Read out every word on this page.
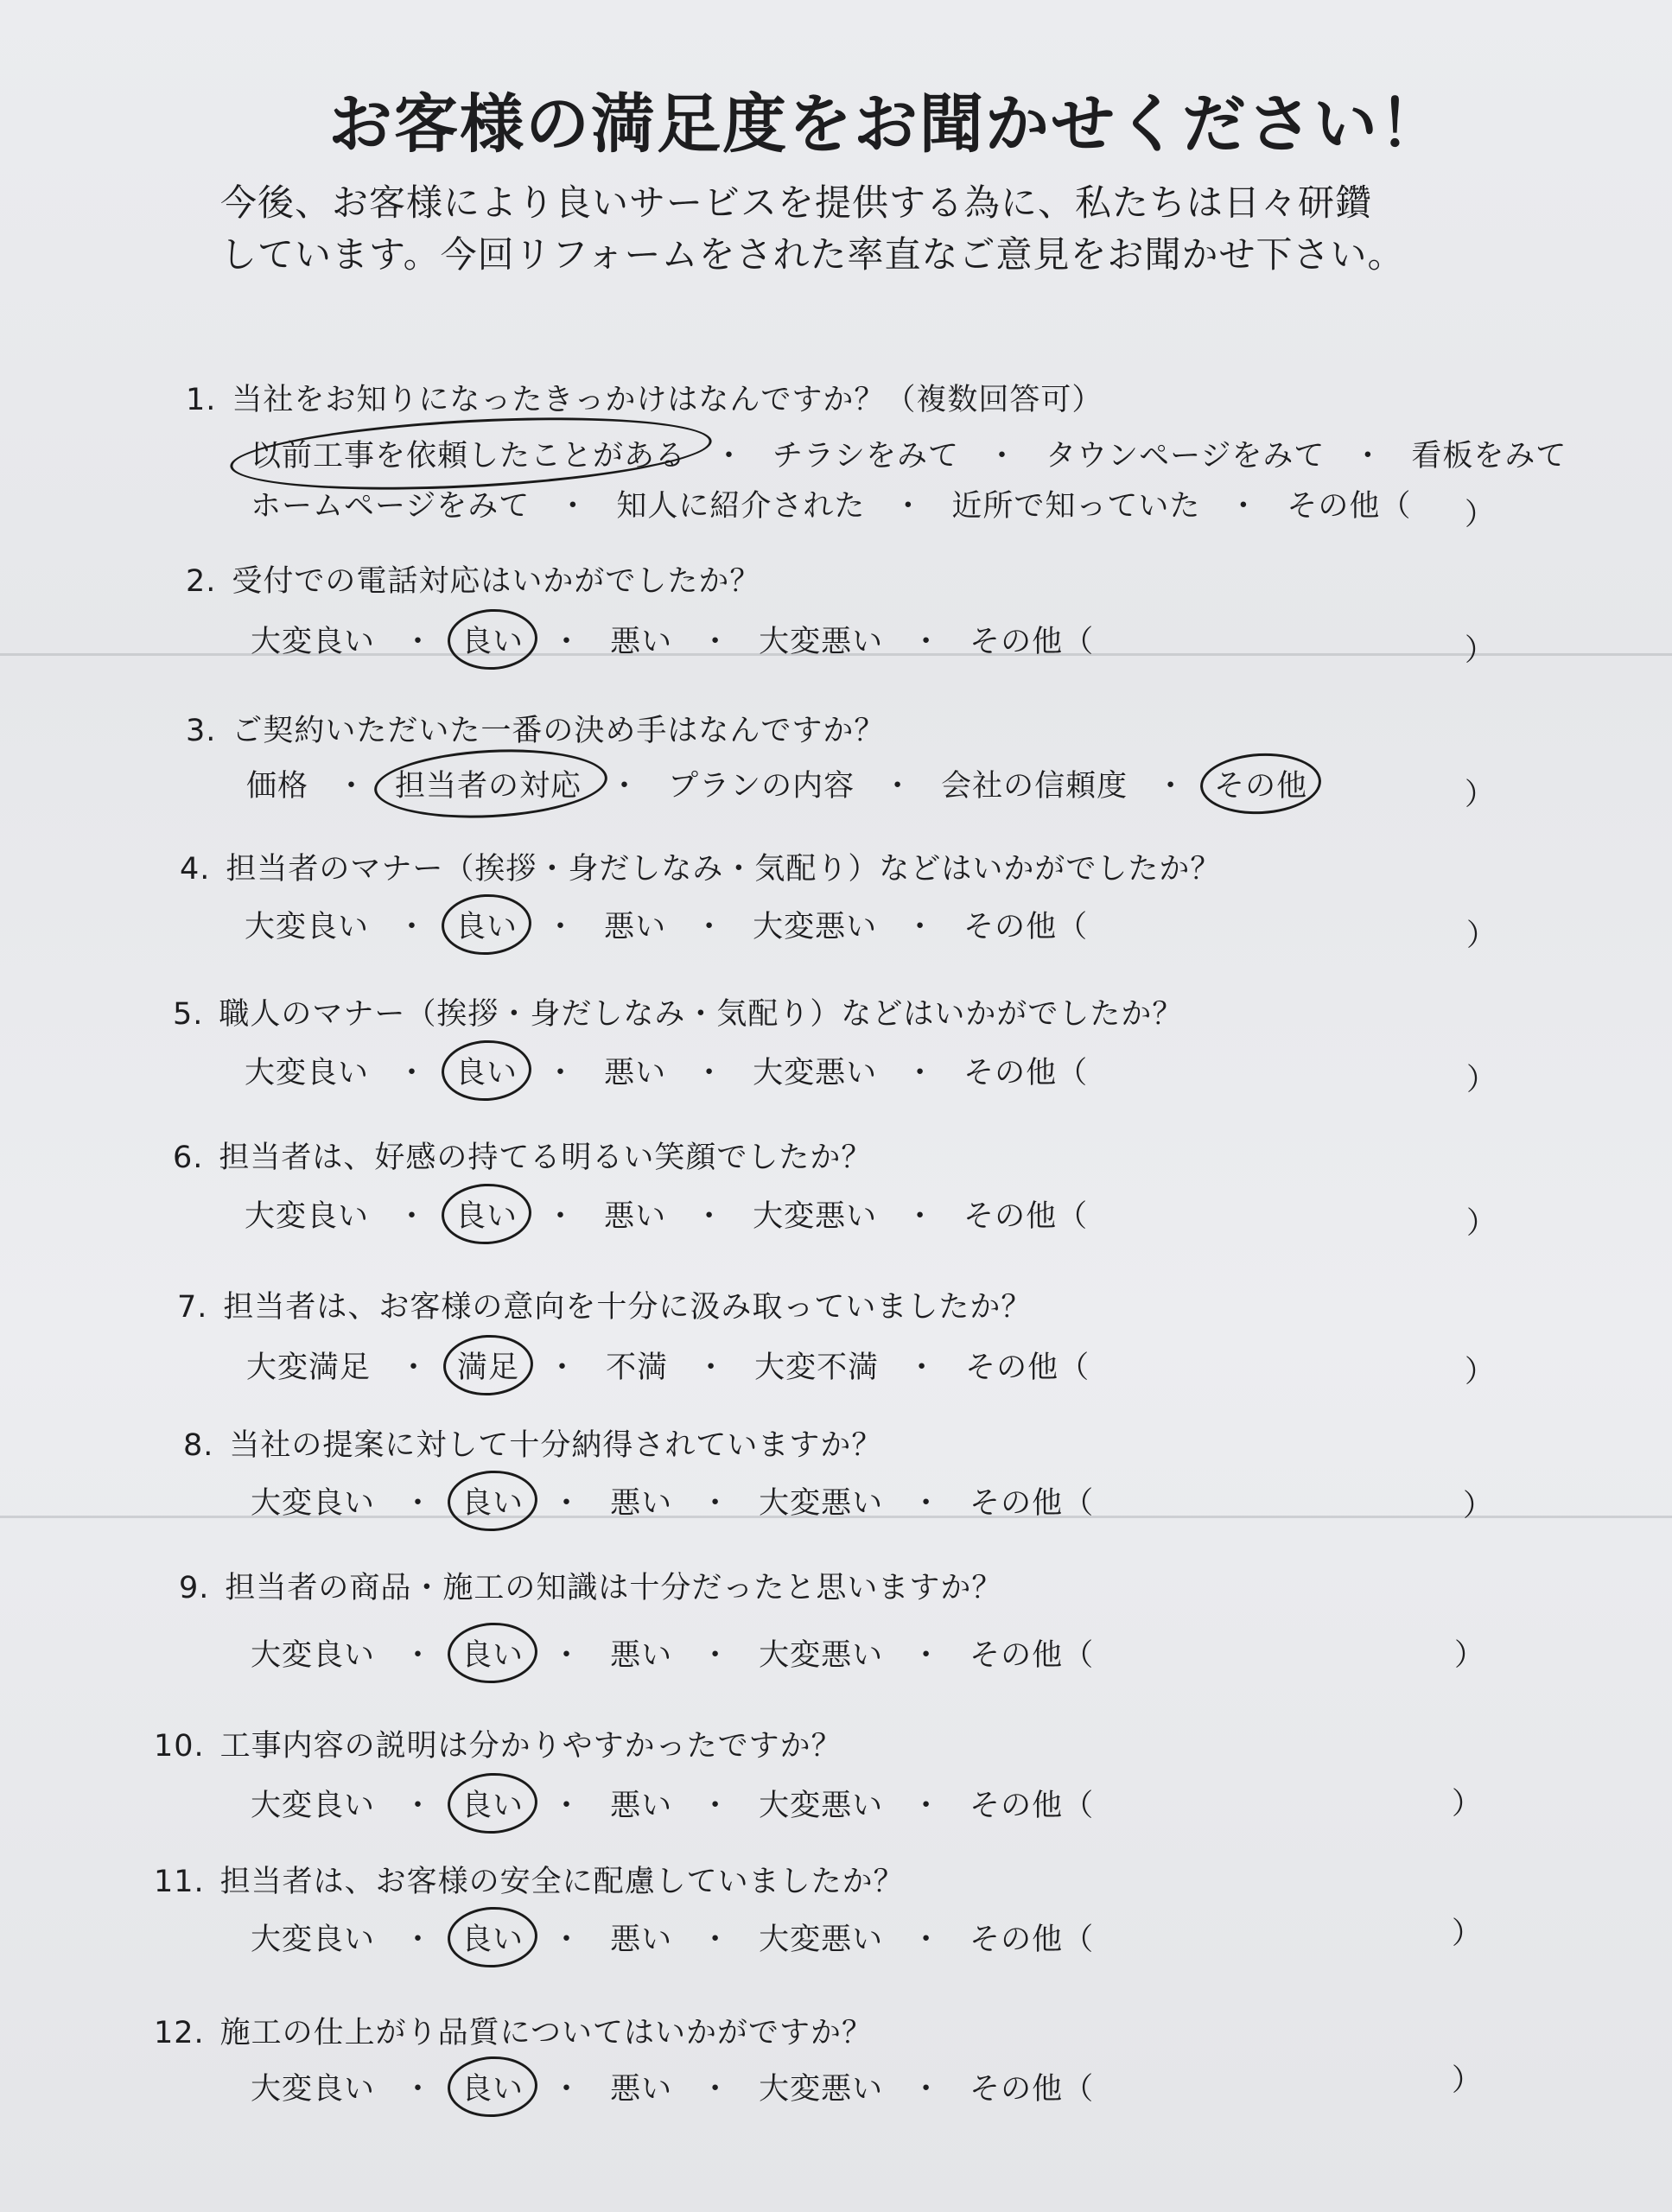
お客様の満足度をお聞かせください！
今後、お客様により良いサービスを提供する為に、私たちは日々研鑽
しています。今回リフォームをされた率直なご意見をお聞かせ下さい。
1. 当社をお知りになったきっかけはなんですか？（複数回答可）
以前工事を依頼したことがある ・ チラシをみて ・ タウンページをみて ・ 看板をみて
ホームページをみて ・ 知人に紹介された ・ 近所で知っていた ・ その他（ ）
2. 受付での電話対応はいかがでしたか？
大変良い ・ 良い ・ 悪い ・ 大変悪い ・ その他（	）
3. ご契約いただいた一番の決め手はなんですか？
価格 ・ 担当者の対応 ・ プランの内容 ・ 会社の信頼度 ・ その他	）
4. 担当者のマナー（挨拶・身だしなみ・気配り）などはいかがでしたか？
大変良い ・ 良い ・ 悪い ・ 大変悪い ・ その他（	）
5. 職人のマナー（挨拶・身だしなみ・気配り）などはいかがでしたか？
大変良い ・ 良い ・ 悪い ・ 大変悪い ・ その他（	）
6. 担当者は、好感の持てる明るい笑顔でしたか？
大変良い ・ 良い ・ 悪い ・ 大変悪い ・ その他（	）
7. 担当者は、お客様の意向を十分に汲み取っていましたか？
大変満足 ・ 満足 ・ 不満 ・ 大変不満 ・ その他（	）
8. 当社の提案に対して十分納得されていますか？
大変良い ・ 良い ・ 悪い ・ 大変悪い ・ その他（	）
9. 担当者の商品・施工の知識は十分だったと思いますか？
大変良い ・ 良い ・ 悪い ・ 大変悪い ・ その他（	）
10. 工事内容の説明は分かりやすかったですか？
大変良い ・ 良い ・ 悪い ・ 大変悪い ・ その他（	）
11. 担当者は、お客様の安全に配慮していましたか？
大変良い ・ 良い ・ 悪い ・ 大変悪い ・ その他（	）
12. 施工の仕上がり品質についてはいかがですか？
大変良い ・ 良い ・ 悪い ・ 大変悪い ・ その他（	）
